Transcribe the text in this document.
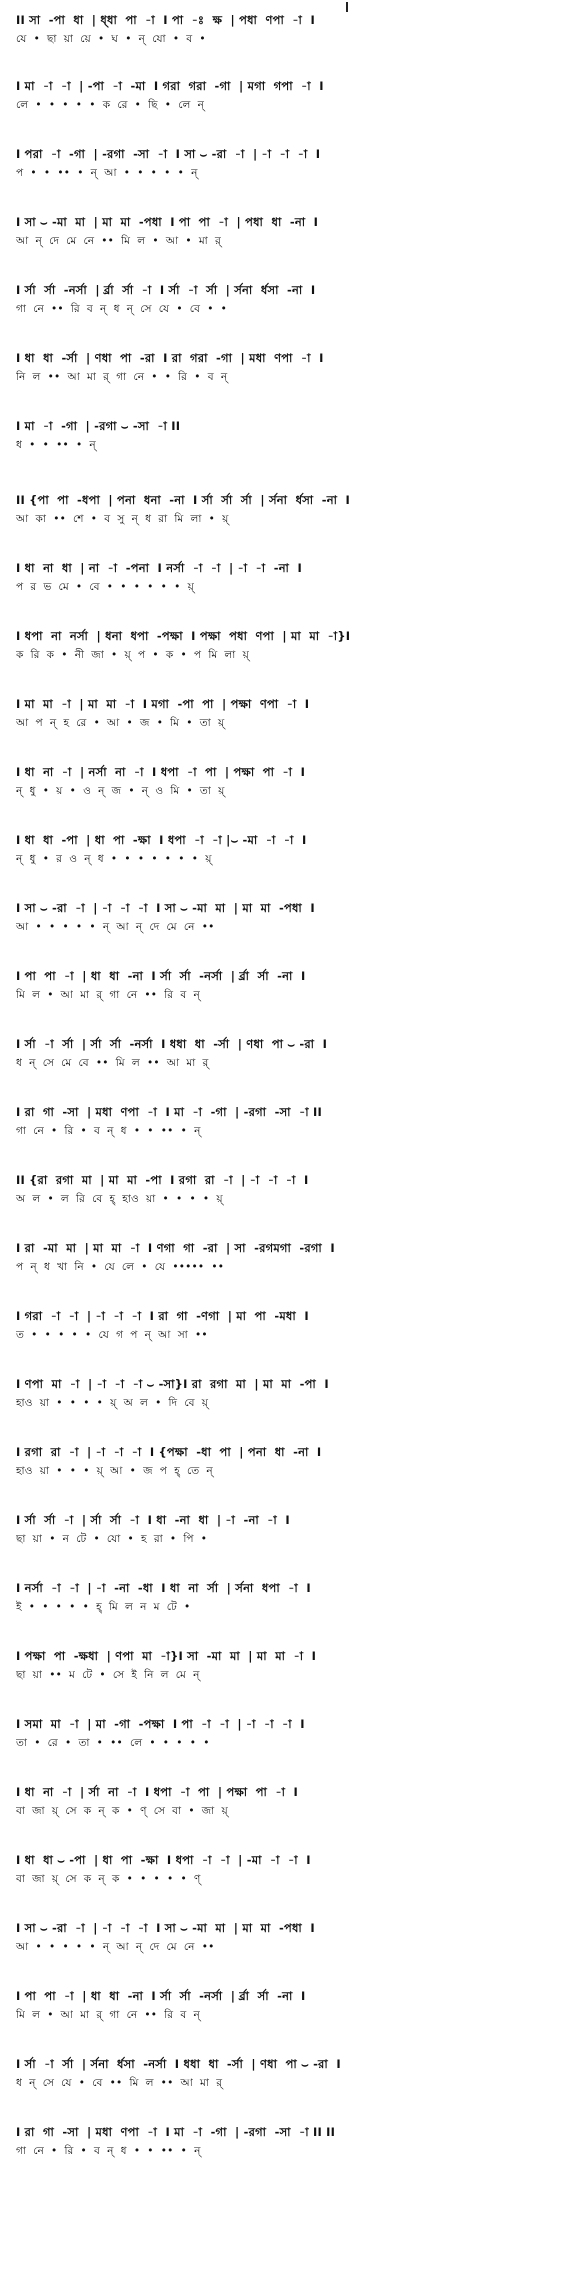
II সা  -পা  ধা  | ধ্ধা  পা  -া  I পা  -ঃ  ক্ষ  | পধা  ণপা  -া  I
যে  •  ছা  য়া  য়ে  •  ঘ  •  ন্  যো  •  ব  •
I মা  -া  -া  | -পা  -া  -মা  I গরা  গরা  -গা  | মগা  গপা  -া  I
লে  •  •  •  •  •  ক  রে  •  ছি  •  লে  ন্
I পরা  -া  -গা  | -রগা  -সা  -া  I সা ⌣ -রা  -া  | -া  -া  -া  I
প  •  •  ••  •  ন্  আ  •  •  •  •  •  ন্
I সা ⌣ -মা  মা  | মা  মা  -পধা  I পা  পা  -া  | পধা  ধা  -না  I
আ  ন্  দে  মে  নে  ••  মি  ল  •  আ  •  মা  র্
I র্সা  র্সা  -নর্সা  | র্র্রা  র্সা  -া  I র্সা  -া  র্সা  | র্সনা  র্ধসা  -না  I
গা  নে  ••  রি  ব  ন্  ধ  ন্  সে  যে  •  বে  •  •
I ধা  ধা  -র্সা  | ণধা  পা  -রা  I রা  গরা  -গা  | মধা  ণপা  -া  I
নি  ল  ••  আ  মা  র্  গা  নে  •  •  রি  •  ব  ন্
I মা  -া  -গা  | -রগা ⌣ -সা  -া II
ধ  •  •  ••  •  ন্
II {পা  পা  -ধপা  | পনা  ধনা  -না  I র্সা  র্সা  র্সা  | র্সনা  র্ধসা  -না  I
আ  কা  ••  শে  •  ব  সু  ন্  ধ  রা  মি  লা  •  য়্
I ধা  না  ধা  | না  -া  -পনা  I নর্সা  -া  -া  | -া  -া  -না  I
প  র  ভ  মে  •  বে  •  •  •  •  •  •  য়্
I ধপা  না  নর্সা  | ধনা  ধপা  -পক্ষা  I পক্ষা  পধা  ণপা  | মা  মা  -া}I
ক  রি  ক  •  নী  জা  •  য়্  প  •  ক  •  প  মি  লা  য়্
I মা  মা  -া  | মা  মা  -া  I মগা  -পা  পা  | পক্ষা  ণপা  -া  I
আ  প  ন্  হ  রে  •  আ  •  জ  •  মি  •  তা  য়্
I ধা  না  -া  | নর্সা  না  -া  I ধপা  -া  পা  | পক্ষা  পা  -া  I
ন্  ধু  •  য়  •  ও  ন্  জ  •  ন্  ও  মি  •  তা  য়্
I ধা  ধা  -পা  | ধা  পা  -ক্ষা  I ধপা  -া  -া |⌣ -মা  -া  -া  I
ন্  ধু  •  র  ও  ন্  ধ  •  •  •  •  •  •  •  য়্
I সা ⌣ -রা  -া  | -া  -া  -া  I সা ⌣ -মা  মা  | মা  মা  -পধা  I
আ  •  •  •  •  •  ন্  আ  ন্  দে  মে  নে  ••
I পা  পা  -া  | ধা  ধা  -না  I র্সা  র্সা  -নর্সা  | র্র্রা  র্সা  -না  I
মি  ল  •  আ  মা  র্  গা  নে  ••  রি  ব  ন্
I র্সা  -া  র্সা  | র্সা  র্সা  -নর্সা  I ধধা  ধা  -র্সা  | ণধা  পা ⌣ -রা  I
ধ  ন্  সে  মে  বে  ••  মি  ল  ••  আ  মা  র্
I রা  গা  -সা  | মধা  ণপা  -া  I মা  -া  -গা  | -রগা  -সা  -া II
গা  নে  •  রি  •  ব  ন্  ধ  •  •  ••  •  ন্
II {রা  রগা  মা  | মা  মা  -পা  I রগা  রা  -া  | -া  -া  -া  I
অ  ল  •  ল  রি  বে  হ্  হাও  য়া  •  •  •  •  য়্
I রা  -মা  মা  | মা  মা  -া  I ণগা  গা  -রা  | সা  -রগমগা  -রগা  I
প  ন্  ধ  খা  নি  •  যে  লে  •  যে  •••••  ••
I গরা  -া  -া  | -া  -া  -া  I রা  গা  -ণগা  | মা  পা  -মধা  I
ত  •  •  •  •  •  যে  গ  প  ন্  আ  সা  ••
I ণপা  মা  -া  | -া  -া  -া ⌣ -সা}I রা  রগা  মা  | মা  মা  -পা  I
হাও  য়া  •  •  •  •  য়্  অ  ল  •  দি  বে  য়্
I রগা  রা  -া  | -া  -া  -া  I {পক্ষা  -ধা  পা  | পনা  ধা  -না  I
হাও  য়া  •  •  •  য়্  আ  •  জ  প  হ্  তে  ন্
I র্সা  র্সা  -া  | র্সা  র্সা  -া  I ধা  -না  ধা  | -া  -না  -া  I
ছা  য়া  •  ন  টে  •  যো  •  হ  রা  •  পি  •
I নর্সা  -া  -া  | -া  -না  -ধা  I ধা  না  র্সা  | র্সনা  ধপা  -া  I
ই  •  •  •  •  •  হ্  মি  ল  ন  ম  টে  •
I পক্ষা  পা  -ক্ষধা  | ণপা  মা  -া}I সা  -মা  মা  | মা  মা  -া  I
ছা  য়া  ••  ম  টে  •  সে  ই  নি  ল  মে  ন্
I সমা  মা  -া  | মা  -গা  -পক্ষা  I পা  -া  -া  | -া  -া  -া  I
তা  •  রে  •  তা  •  ••  লে  •  •  •  •  •
I ধা  না  -া  | র্সা  না  -া  I ধপা  -া  পা  | পক্ষা  পা  -া  I
বা  জা  য়্  সে  ক  ন্  ক  •  ণ্  সে  বা  •  জা  য়্
I ধা  ধা ⌣ -পা  | ধা  পা  -ক্ষা  I ধপা  -া  -া  | -মা  -া  -া  I
বা  জা  য়্  সে  ক  ন্  ক  •  •  •  •  •  ণ্
I সা ⌣ -রা  -া  | -া  -া  -া  I সা ⌣ -মা  মা  | মা  মা  -পধা  I
আ  •  •  •  •  •  ন্  আ  ন্  দে  মে  নে  ••
I পা  পা  -া  | ধা  ধা  -না  I র্সা  র্সা  -নর্সা  | র্র্রা  র্সা  -না  I
মি  ল  •  আ  মা  র্  গা  নে  ••  রি  ব  ন্
I র্সা  -া  র্সা  | র্সনা  র্ধসা  -নর্সা  I ধধা  ধা  -র্সা  | ণধা  পা ⌣ -রা  I
ধ  ন্  সে  যে  •  বে  ••  মি  ল  ••  আ  মা  র্
I রা  গা  -সা  | মধা  ণপা  -া  I মা  -া  -গা  | -রগা  -সা  -া II II
গা  নে  •  রি  •  ব  ন্  ধ  •  •  ••  •  ন্
